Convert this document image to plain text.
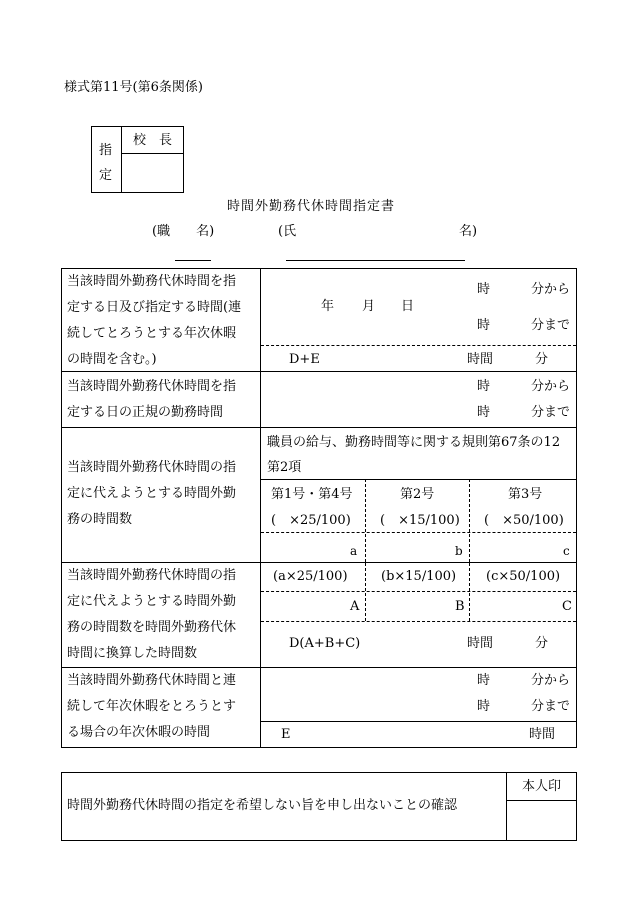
様式第11号(第6条関係)
指
定
校　長
時間外勤務代休時間指定書
(職　　名)	(氏	名)
当該時間外勤務代休時間を指
定する日及び指定する時間(連
続してとろうとする年次休暇
の時間を含む。)
年 月 日
時	分から
時	分まで
D+E	時間	分
当該時間外勤務代休時間を指
定する日の正規の勤務時間
時	分から
時	分まで
当該時間外勤務代休時間の指
定に代えようとする時間外勤
務の時間数
職員の給与、勤務時間等に関する規則第67条の12
第2項
第1号・第4号	第2号	第3号
(　×25/100) (　×15/100) (　×50/100)
a	b	c
当該時間外勤務代休時間の指
定に代えようとする時間外勤
務の時間数を時間外勤務代休
時間に換算した時間数
(a×25/100)	(b×15/100) (c×50/100)
A	B	C
D(A+B+C)	時間	分
当該時間外勤務代休時間と連
続して年次休暇をとろうとす
る場合の年次休暇の時間
時	分から
時	分まで
E	時間
時間外勤務代休時間の指定を希望しない旨を申し出ないことの確認
本人印
